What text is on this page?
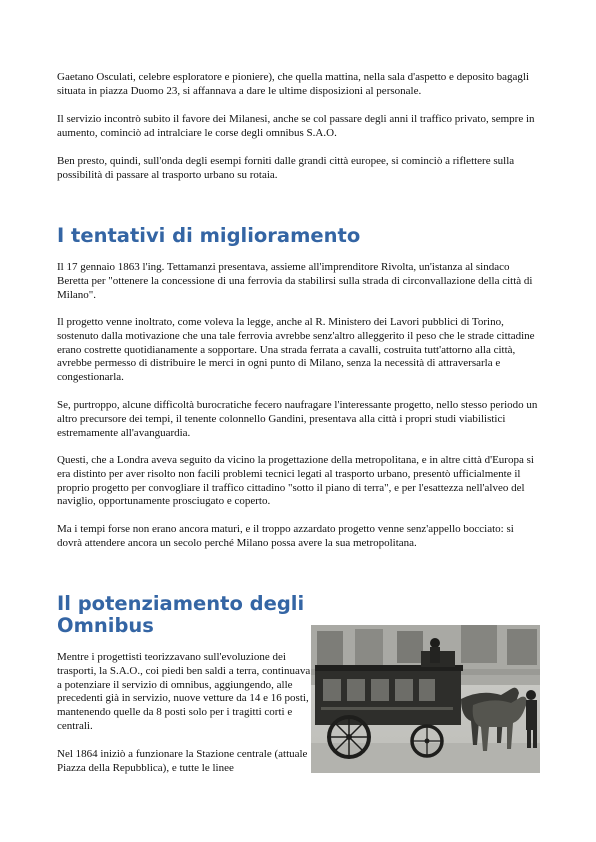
Gaetano Osculati, celebre esploratore e pioniere), che quella mattina, nella sala d'aspetto e deposito bagagli situata in piazza Duomo 23, si affannava a dare le ultime disposizioni al personale.

Il servizio incontrò subito il favore dei Milanesi, anche se col passare degli anni il traffico privato, sempre in aumento, cominciò ad intralciare le corse degli omnibus S.A.O.

Ben presto, quindi, sull'onda degli esempi forniti dalle grandi città europee, si cominciò a riflettere sulla possibilità di passare al trasporto urbano su rotaia.

I tentativi di miglioramento

Il 17 gennaio 1863 l'ing. Tettamanzi presentava, assieme all'imprenditore Rivolta, un'istanza al sindaco Beretta per "ottenere la concessione di una ferrovia da stabilirsi sulla strada di circonvallazione della città di Milano".

Il progetto venne inoltrato, come voleva la legge, anche al R. Ministero dei Lavori pubblici di Torino, sostenuto dalla motivazione che una tale ferrovia avrebbe senz'altro alleggerito il peso che le strade cittadine erano costrette quotidianamente a sopportare. Una strada ferrata a cavalli, costruita tutt'attorno alla città, avrebbe permesso di distribuire le merci in ogni punto di Milano, senza la necessità di attraversarla e congestionarla.

Se, purtroppo, alcune difficoltà burocratiche fecero naufragare l'interessante progetto, nello stesso periodo un altro precursore dei tempi, il tenente colonnello Gandini, presentava alla città i propri studi viabilistici estremamente all'avanguardia.

Questi, che a Londra aveva seguito da vicino la progettazione della metropolitana, e in altre città d'Europa si era distinto per aver risolto non facili problemi tecnici legati al trasporto urbano, presentò ufficialmente il proprio progetto per convogliare il traffico cittadino "sotto il piano di terra", e per l'esattezza nell'alveo del naviglio, opportunamente prosciugato e coperto.

Ma i tempi forse non erano ancora maturi, e il troppo azzardato progetto venne senz'appello bocciato: si dovrà attendere ancora un secolo perché Milano possa avere la sua metropolitana.

Il potenziamento degli
Omnibus

Mentre i progettisti teorizzavano sull'evoluzione dei trasporti, la S.A.O., coi piedi ben saldi a terra, continuava a potenziare il servizio di omnibus, aggiungendo, alle precedenti già in servizio, nuove vetture da 14 e 16 posti, mantenendo quelle da 8 posti solo per i tragitti corti e centrali.

Nel 1864 iniziò a funzionare la Stazione centrale (attuale Piazza della Repubblica), e tutte le linee
